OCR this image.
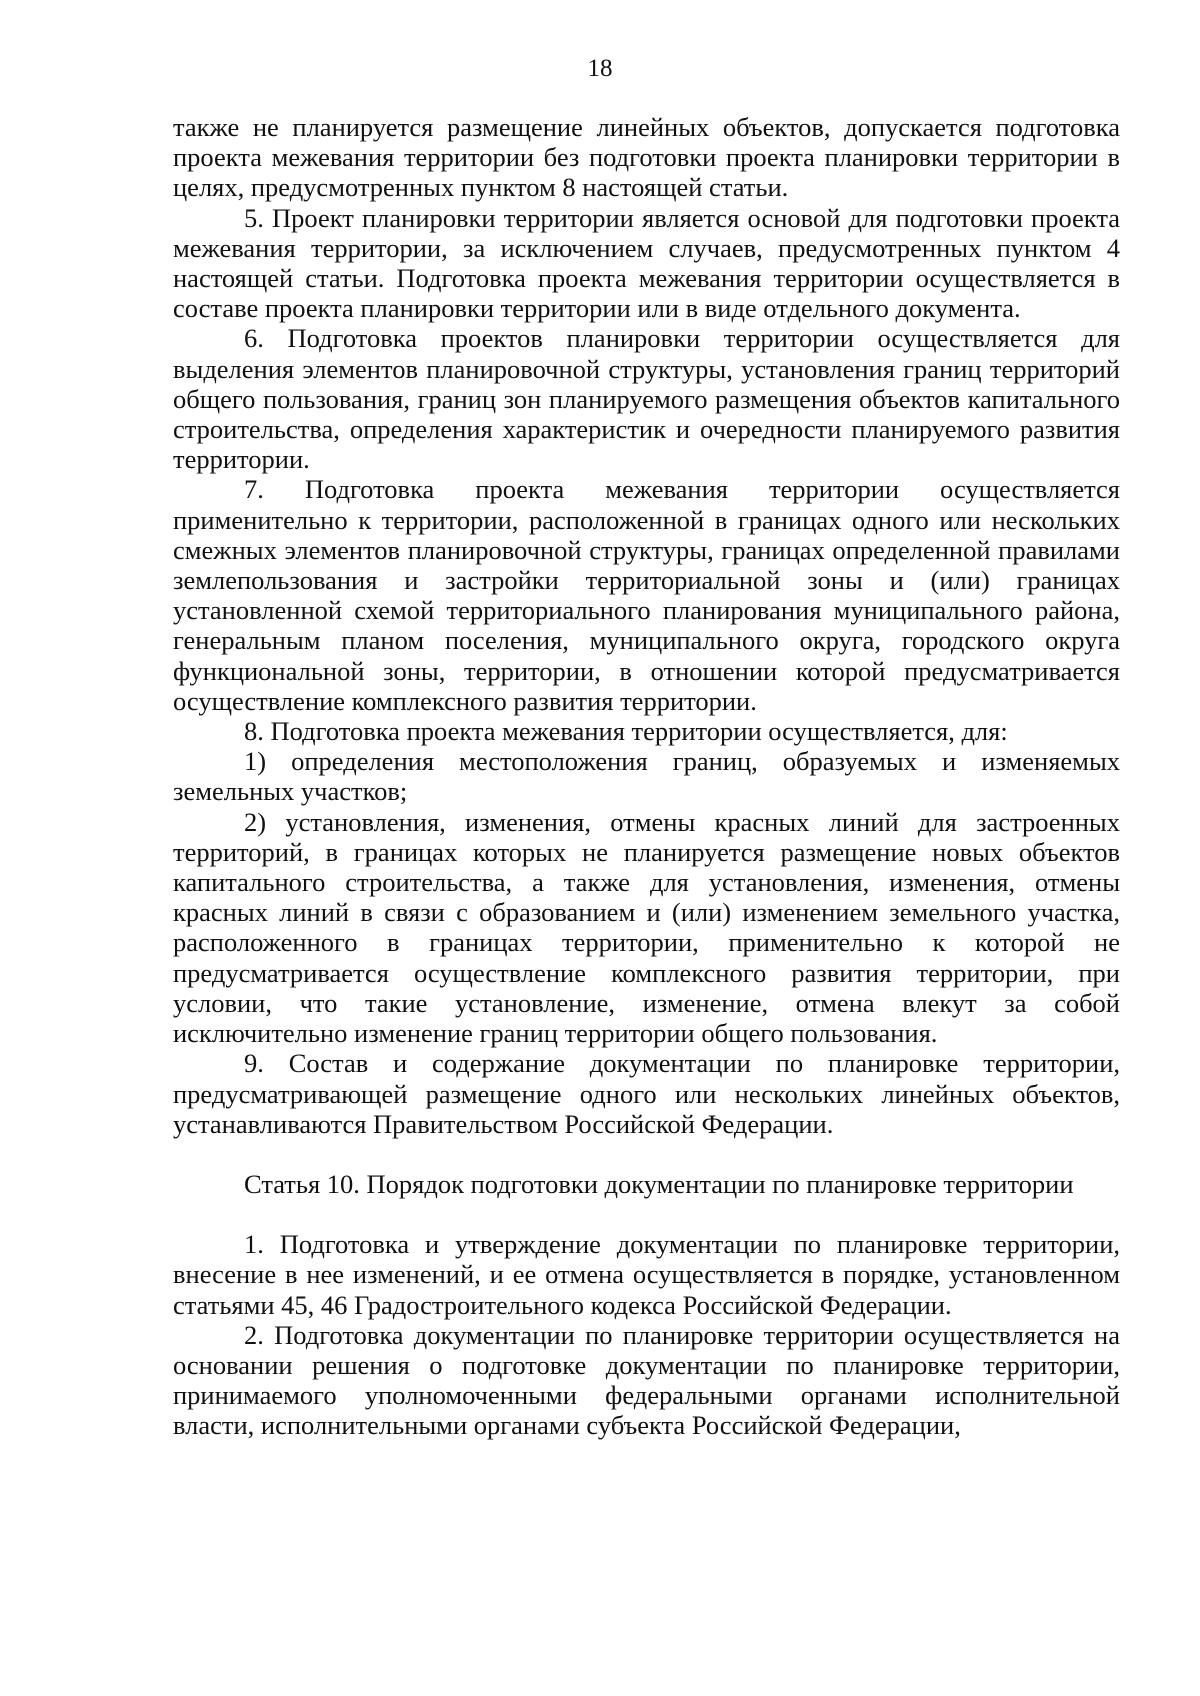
18

также не планируется размещение линейных объектов, допускается подготовка проекта межевания территории без подготовки проекта планировки территории в целях, предусмотренных пунктом 8 настоящей статьи.

5. Проект планировки территории является основой для подготовки проекта межевания территории, за исключением случаев, предусмотренных пунктом 4 настоящей статьи. Подготовка проекта межевания территории осуществляется в составе проекта планировки территории или в виде отдельного документа.

6. Подготовка проектов планировки территории осуществляется для выделения элементов планировочной структуры, установления границ территорий общего пользования, границ зон планируемого размещения объектов капитального строительства, определения характеристик и очередности планируемого развития территории.

7. Подготовка проекта межевания территории осуществляется применительно к территории, расположенной в границах одного или нескольких смежных элементов планировочной структуры, границах определенной правилами землепользования и застройки территориальной зоны и (или) границах установленной схемой территориального планирования муниципального района, генеральным планом поселения, муниципального округа, городского округа функциональной зоны, территории, в отношении которой предусматривается осуществление комплексного развития территории.

8. Подготовка проекта межевания территории осуществляется, для:

1) определения местоположения границ, образуемых и изменяемых земельных участков;

2) установления, изменения, отмены красных линий для застроенных территорий, в границах которых не планируется размещение новых объектов капитального строительства, а также для установления, изменения, отмены красных линий в связи с образованием и (или) изменением земельного участка, расположенного в границах территории, применительно к которой не предусматривается осуществление комплексного развития территории, при условии, что такие установление, изменение, отмена влекут за собой исключительно изменение границ территории общего пользования.

9. Состав и содержание документации по планировке территории, предусматривающей размещение одного или нескольких линейных объектов, устанавливаются Правительством Российской Федерации.

Статья 10. Порядок подготовки документации по планировке территории

1. Подготовка и утверждение документации по планировке территории, внесение в нее изменений, и ее отмена осуществляется в порядке, установленном статьями 45, 46 Градостроительного кодекса Российской Федерации.

2. Подготовка документации по планировке территории осуществляется на основании решения о подготовке документации по планировке территории, принимаемого уполномоченными федеральными органами исполнительной власти, исполнительными органами субъекта Российской Федерации,
